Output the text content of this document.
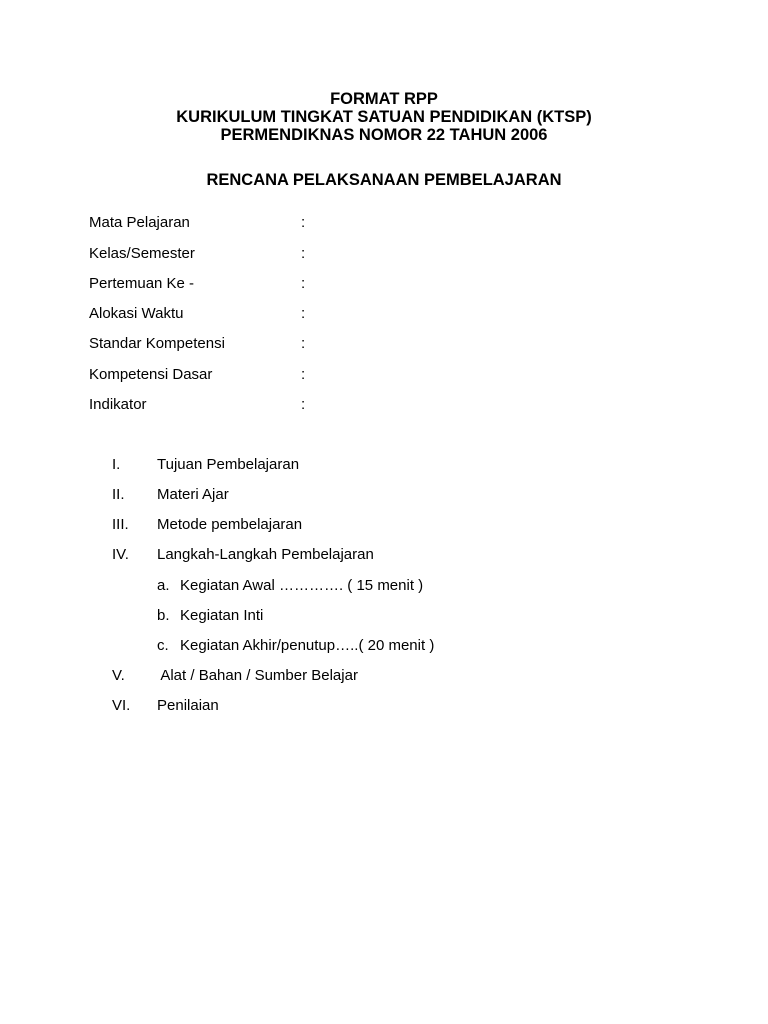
FORMAT RPP
KURIKULUM TINGKAT SATUAN PENDIDIKAN (KTSP)
PERMENDIKNAS NOMOR 22 TAHUN 2006
RENCANA PELAKSANAAN PEMBELAJARAN
Mata Pelajaran	:
Kelas/Semester	:
Pertemuan Ke -	:
Alokasi Waktu	:
Standar Kompetensi	:
Kompetensi Dasar	:
Indikator	:
I. Tujuan Pembelajaran
II. Materi Ajar
III. Metode pembelajaran
IV. Langkah-Langkah Pembelajaran
a. Kegiatan Awal …………. ( 15 menit )
b. Kegiatan Inti
c. Kegiatan Akhir/penutup…..( 20 menit )
V. Alat / Bahan / Sumber Belajar
VI. Penilaian
